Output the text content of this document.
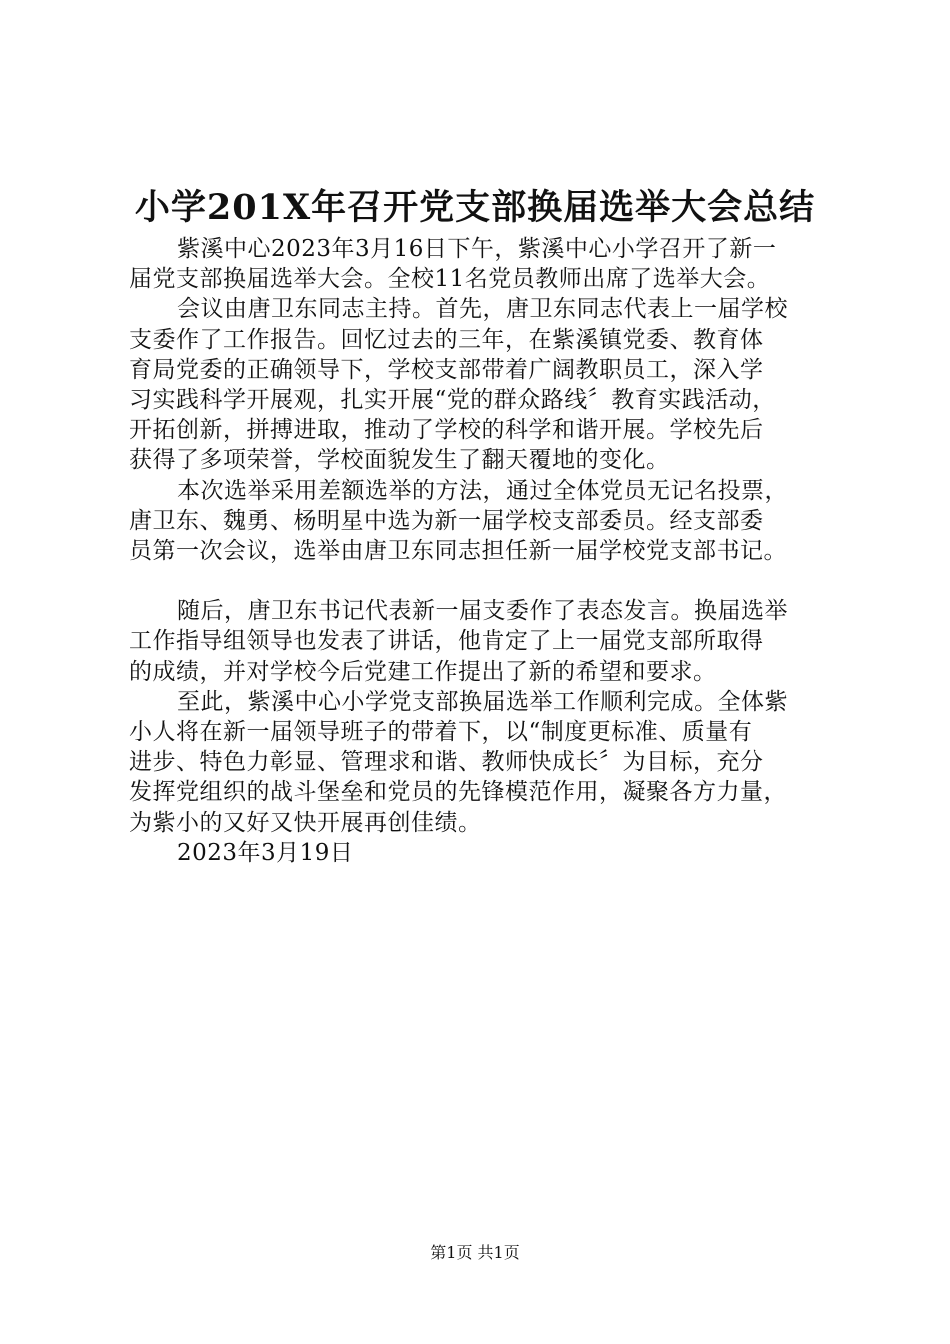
小学201X年召开党支部换届选举大会总结
紫溪中心2023年3月16日下午，紫溪中心小学召开了新一
届党支部换届选举大会。全校11名党员教师出席了选举大会。
会议由唐卫东同志主持。首先，唐卫东同志代表上一届学校
支委作了工作报告。回忆过去的三年，在紫溪镇党委、教育体
育局党委的正确领导下，学校支部带着广阔教职员工，深入学
习实践科学开展观，扎实开展“党的群众路线〞教育实践活动，
开拓创新，拼搏进取，推动了学校的科学和谐开展。学校先后
获得了多项荣誉，学校面貌发生了翻天覆地的变化。
本次选举采用差额选举的方法，通过全体党员无记名投票，
唐卫东、魏勇、杨明星中选为新一届学校支部委员。经支部委
员第一次会议，选举由唐卫东同志担任新一届学校党支部书记。
随后，唐卫东书记代表新一届支委作了表态发言。换届选举
工作指导组领导也发表了讲话，他肯定了上一届党支部所取得
的成绩，并对学校今后党建工作提出了新的希望和要求。
至此，紫溪中心小学党支部换届选举工作顺利完成。全体紫
小人将在新一届领导班子的带着下，以“制度更标准、质量有
进步、特色力彰显、管理求和谐、教师快成长〞为目标，充分
发挥党组织的战斗堡垒和党员的先锋模范作用，凝聚各方力量，
为紫小的又好又快开展再创佳绩。
2023年3月19日
第1页 共1页
